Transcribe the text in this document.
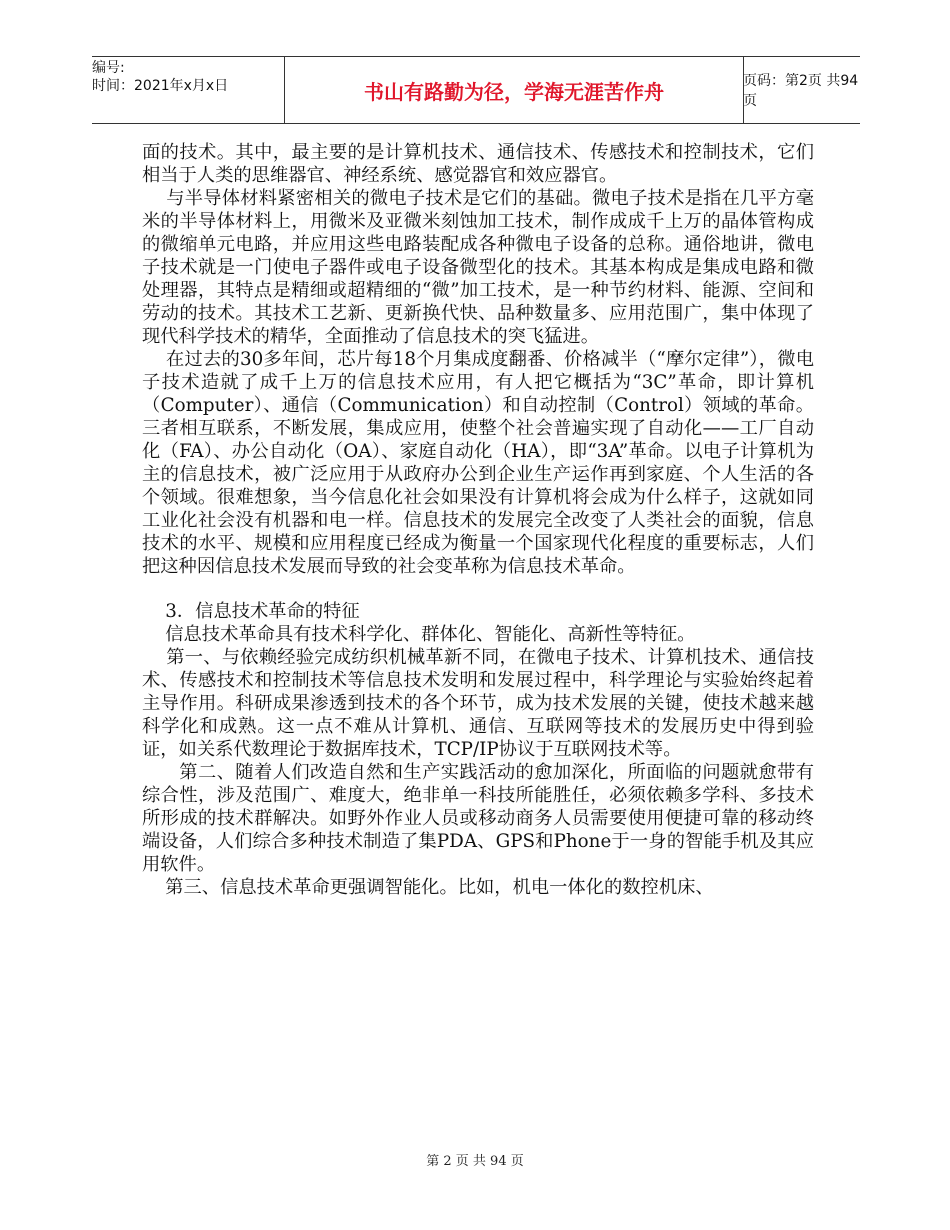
编号:
时间：2021年x月x日	书山有路勤为径，学海无涯苦作舟	页码：第2页 共94页

面的技术。其中，最主要的是计算机技术、通信技术、传感技术和控制技术，它们相当于人类的思维器官、神经系统、感觉器官和效应器官。

与半导体材料紧密相关的微电子技术是它们的基础。微电子技术是指在几平方毫米的半导体材料上，用微米及亚微米刻蚀加工技术，制作成成千上万的晶体管构成的微缩单元电路，并应用这些电路装配成各种微电子设备的总称。通俗地讲，微电子技术就是一门使电子器件或电子设备微型化的技术。其基本构成是集成电路和微处理器，其特点是精细或超精细的“微”加工技术，是一种节约材料、能源、空间和劳动的技术。其技术工艺新、更新换代快、品种数量多、应用范围广，集中体现了现代科学技术的精华，全面推动了信息技术的突飞猛进。

在过去的30多年间，芯片每18个月集成度翻番、价格减半（“摩尔定律”），微电子技术造就了成千上万的信息技术应用，有人把它概括为“3C”革命，即计算机（Computer）、通信（Communication）和自动控制（Control）领域的革命。三者相互联系，不断发展，集成应用，使整个社会普遍实现了自动化——工厂自动化（FA）、办公自动化（OA）、家庭自动化（HA），即“3A”革命。以电子计算机为主的信息技术，被广泛应用于从政府办公到企业生产运作再到家庭、个人生活的各个领域。很难想象，当今信息化社会如果没有计算机将会成为什么样子，这就如同工业化社会没有机器和电一样。信息技术的发展完全改变了人类社会的面貌，信息技术的水平、规模和应用程度已经成为衡量一个国家现代化程度的重要标志，人们把这种因信息技术发展而导致的社会变革称为信息技术革命。

3．信息技术革命的特征

信息技术革命具有技术科学化、群体化、智能化、高新性等特征。

第一、与依赖经验完成纺织机械革新不同，在微电子技术、计算机技术、通信技术、传感技术和控制技术等信息技术发明和发展过程中，科学理论与实验始终起着主导作用。科研成果渗透到技术的各个环节，成为技术发展的关键，使技术越来越科学化和成熟。这一点不难从计算机、通信、互联网等技术的发展历史中得到验证，如关系代数理论于数据库技术，TCP/IP协议于互联网技术等。

第二、随着人们改造自然和生产实践活动的愈加深化，所面临的问题就愈带有综合性，涉及范围广、难度大，绝非单一科技所能胜任，必须依赖多学科、多技术所形成的技术群解决。如野外作业人员或移动商务人员需要使用便捷可靠的移动终端设备，人们综合多种技术制造了集PDA、GPS和Phone于一身的智能手机及其应用软件。

第三、信息技术革命更强调智能化。比如，机电一体化的数控机床、

第 2 页 共 94 页
